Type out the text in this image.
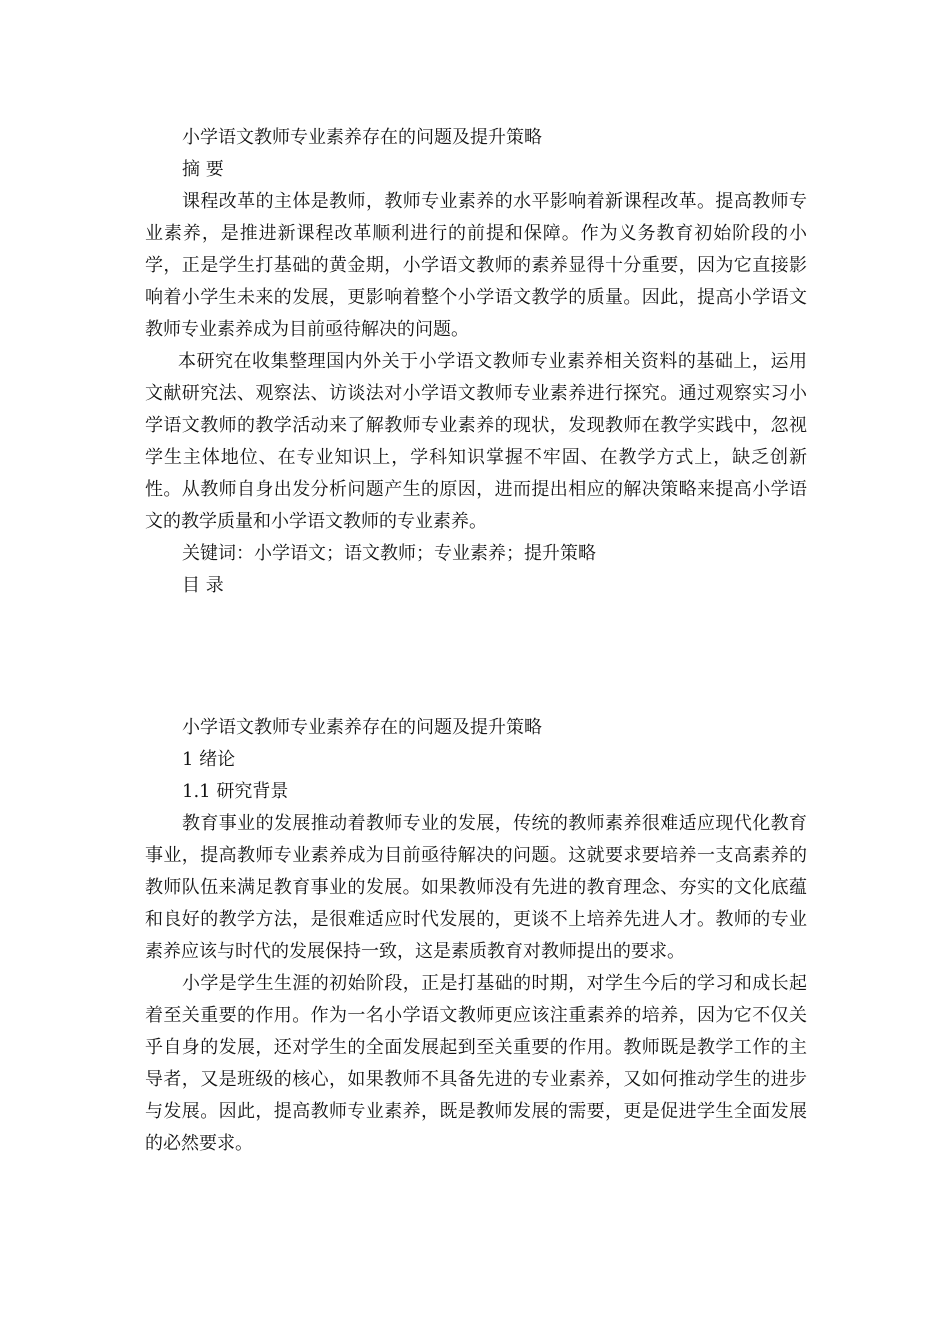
小学语文教师专业素养存在的问题及提升策略
摘 要

课程改革的主体是教师，教师专业素养的水平影响着新课程改革。提高教师专业素养，是推进新课程改革顺利进行的前提和保障。作为义务教育初始阶段的小学，正是学生打基础的黄金期，小学语文教师的素养显得十分重要，因为它直接影响着小学生未来的发展，更影响着整个小学语文教学的质量。因此，提高小学语文教师专业素养成为目前亟待解决的问题。

本研究在收集整理国内外关于小学语文教师专业素养相关资料的基础上，运用文献研究法、观察法、访谈法对小学语文教师专业素养进行探究。通过观察实习小学语文教师的教学活动来了解教师专业素养的现状，发现教师在教学实践中，忽视学生主体地位、在专业知识上，学科知识掌握不牢固、在教学方式上，缺乏创新性。从教师自身出发分析问题产生的原因，进而提出相应的解决策略来提高小学语文的教学质量和小学语文教师的专业素养。

关键词：小学语文；语文教师；专业素养；提升策略
目 录
小学语文教师专业素养存在的问题及提升策略
1 绪论
1.1 研究背景

教育事业的发展推动着教师专业的发展，传统的教师素养很难适应现代化教育事业，提高教师专业素养成为目前亟待解决的问题。这就要求要培养一支高素养的教师队伍来满足教育事业的发展。如果教师没有先进的教育理念、夯实的文化底蕴和良好的教学方法，是很难适应时代发展的，更谈不上培养先进人才。教师的专业素养应该与时代的发展保持一致，这是素质教育对教师提出的要求。

小学是学生生涯的初始阶段，正是打基础的时期，对学生今后的学习和成长起着至关重要的作用。作为一名小学语文教师更应该注重素养的培养，因为它不仅关乎自身的发展，还对学生的全面发展起到至关重要的作用。教师既是教学工作的主导者，又是班级的核心，如果教师不具备先进的专业素养，又如何推动学生的进步与发展。因此，提高教师专业素养，既是教师发展的需要，更是促进学生全面发展的必然要求。
